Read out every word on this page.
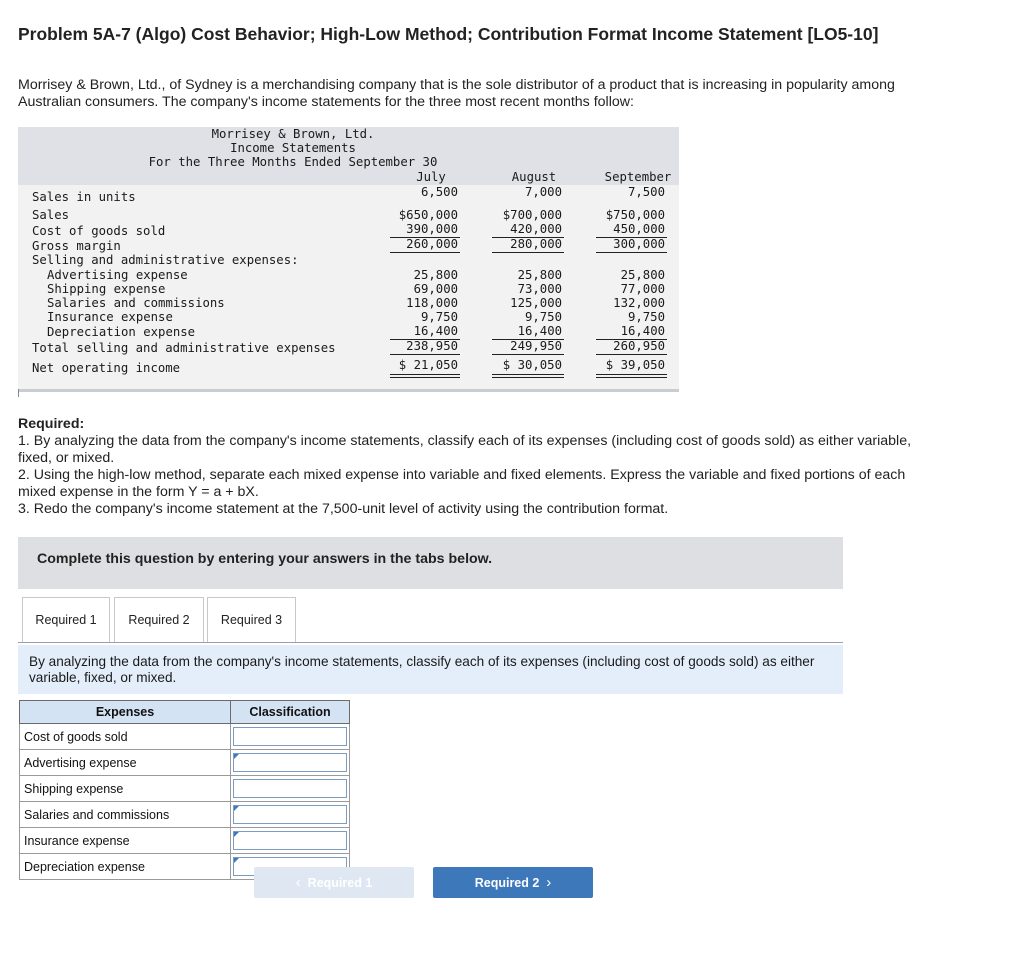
Problem 5A-7 (Algo) Cost Behavior; High-Low Method; Contribution Format Income Statement [LO5-10]
Morrisey & Brown, Ltd., of Sydney is a merchandising company that is the sole distributor of a product that is increasing in popularity among Australian consumers. The company's income statements for the three most recent months follow:
Morrisey & Brown, Ltd.
Income Statements
For the Three Months Ended September 30
July	August	September
Sales in units	6,500	7,000	7,500
Sales	$650,000	$700,000	$750,000
Cost of goods sold	390,000	420,000	450,000
Gross margin	260,000	280,000	300,000
Selling and administrative expenses:
Advertising expense	25,800	25,800	25,800
Shipping expense	69,000	73,000	77,000
Salaries and commissions	118,000	125,000	132,000
Insurance expense	9,750	9,750	9,750
Depreciation expense	16,400	16,400	16,400
Total selling and administrative expenses	238,950	249,950	260,950
Net operating income	$ 21,050	$ 30,050	$ 39,050
Required:
1. By analyzing the data from the company's income statements, classify each of its expenses (including cost of goods sold) as either variable, fixed, or mixed.
2. Using the high-low method, separate each mixed expense into variable and fixed elements. Express the variable and fixed portions of each mixed expense in the form Y = a + bX.
3. Redo the company's income statement at the 7,500-unit level of activity using the contribution format.
Complete this question by entering your answers in the tabs below.
Required 1	Required 2	Required 3
By analyzing the data from the company's income statements, classify each of its expenses (including cost of goods sold) as either variable, fixed, or mixed.
Expenses	Classification
Cost of goods sold	

Advertising expense	

Shipping expense	

Salaries and commissions	

Insurance expense	

Depreciation expense	
‹
Required 1	Required 2
›
